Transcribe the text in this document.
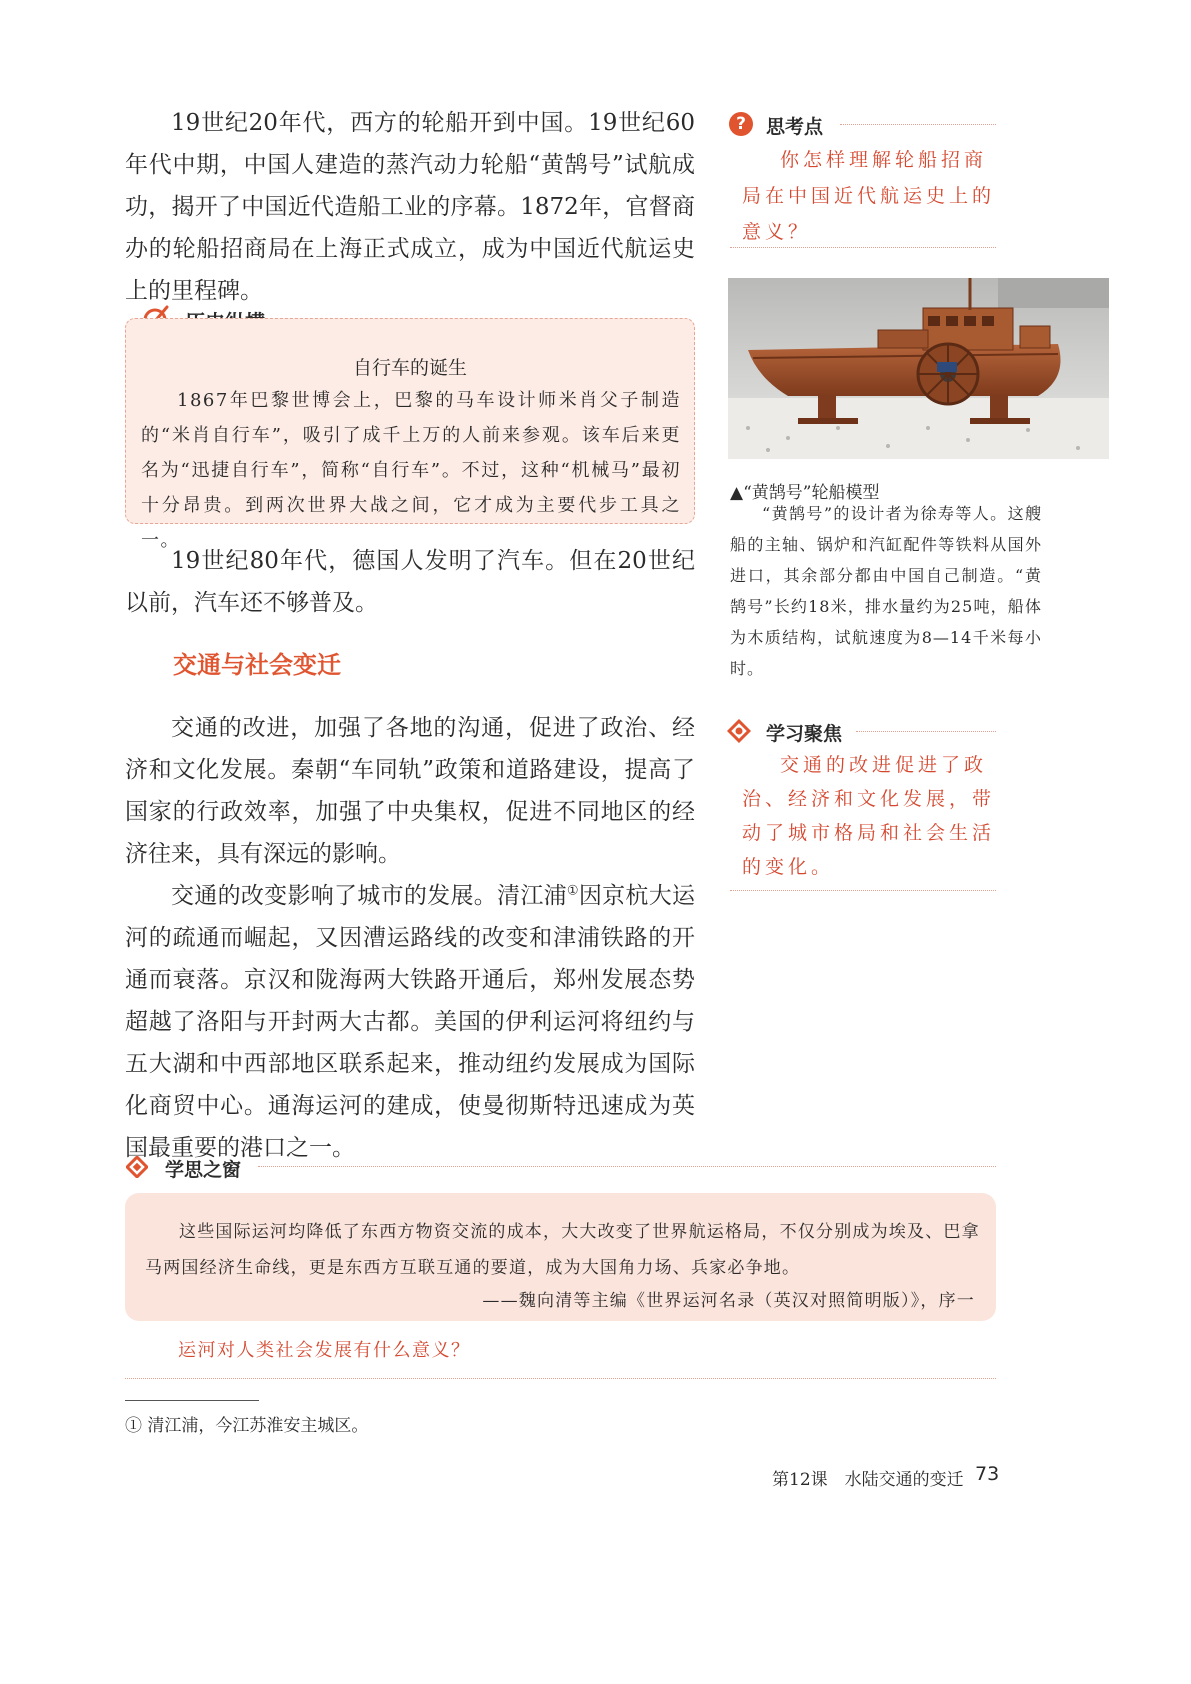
19世纪20年代，西方的轮船开到中国。19世纪60年代中期，中国人建造的蒸汽动力轮船“黄鹄号”试航成功，揭开了中国近代造船工业的序幕。1872年，官督商办的轮船招商局在上海正式成立，成为中国近代航运史上的里程碑。

自行车的诞生

1867年巴黎世博会上，巴黎的马车设计师米肖父子制造的“米肖自行车”，吸引了成千上万的人前来参观。该车后来更名为“迅捷自行车”，简称“自行车”。不过，这种“机械马”最初十分昂贵。到两次世界大战之间，它才成为主要代步工具之一。

19世纪80年代，德国人发明了汽车。但在20世纪以前，汽车还不够普及。

交通与社会变迁

交通的改进，加强了各地的沟通，促进了政治、经济和文化发展。秦朝“车同轨”政策和道路建设，提高了国家的行政效率，加强了中央集权，促进不同地区的经济往来，具有深远的影响。

交通的改变影响了城市的发展。清江浦①因京杭大运河的疏通而崛起，又因漕运路线的改变和津浦铁路的开通而衰落。京汉和陇海两大铁路开通后，郑州发展态势超越了洛阳与开封两大古都。美国的伊利运河将纽约与五大湖和中西部地区联系起来，推动纽约发展成为国际化商贸中心。通海运河的建成，使曼彻斯特迅速成为英国最重要的港口之一。

?	思考点
你怎样理解轮船招商局在中国近代航运史上的意义？
▲“黄鹄号”轮船模型

“黄鹄号”的设计者为徐寿等人。这艘船的主轴、锅炉和汽缸配件等铁料从国外进口，其余部分都由中国自己制造。“黄鹄号”长约18米，排水量约为25吨，船体为木质结构，试航速度为8—14千米每小时。

学习聚焦
交通的改进促进了政治、经济和文化发展，带动了城市格局和社会生活的变化。
学思之窗

这些国际运河均降低了东西方物资交流的成本，大大改变了世界航运格局，不仅分别成为埃及、巴拿马两国经济生命线，更是东西方互联互通的要道，成为大国角力场、兵家必争地。

——魏向清等主编《世界运河名录（英汉对照简明版）》，序一
运河对人类社会发展有什么意义？
① 清江浦，今江苏淮安主城区。
第12课　水陆交通的变迁 73
